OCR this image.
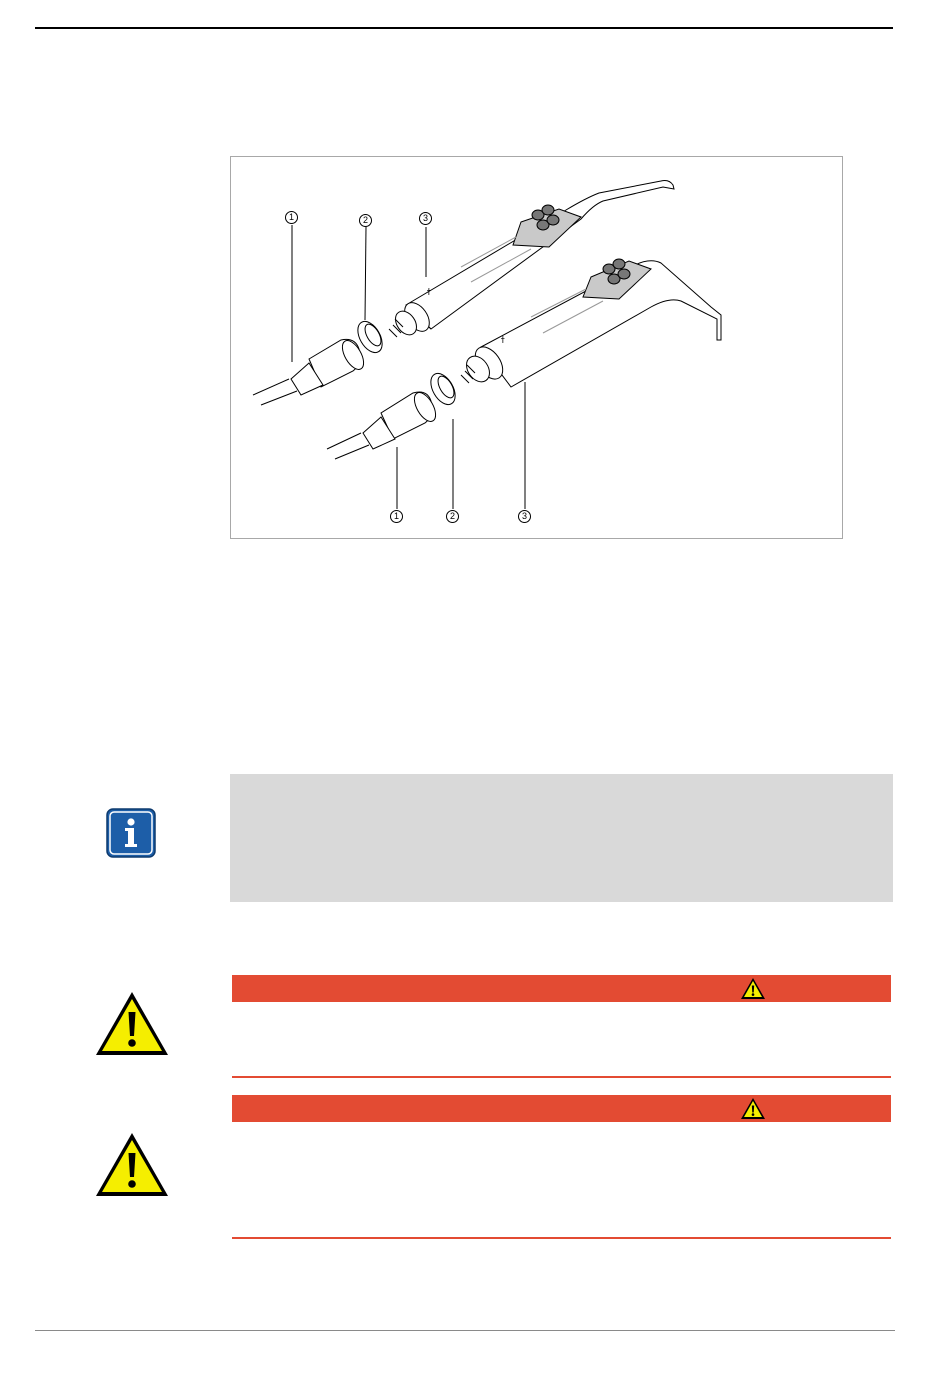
ϯ
ϯ
1	2	3
1	2	3
